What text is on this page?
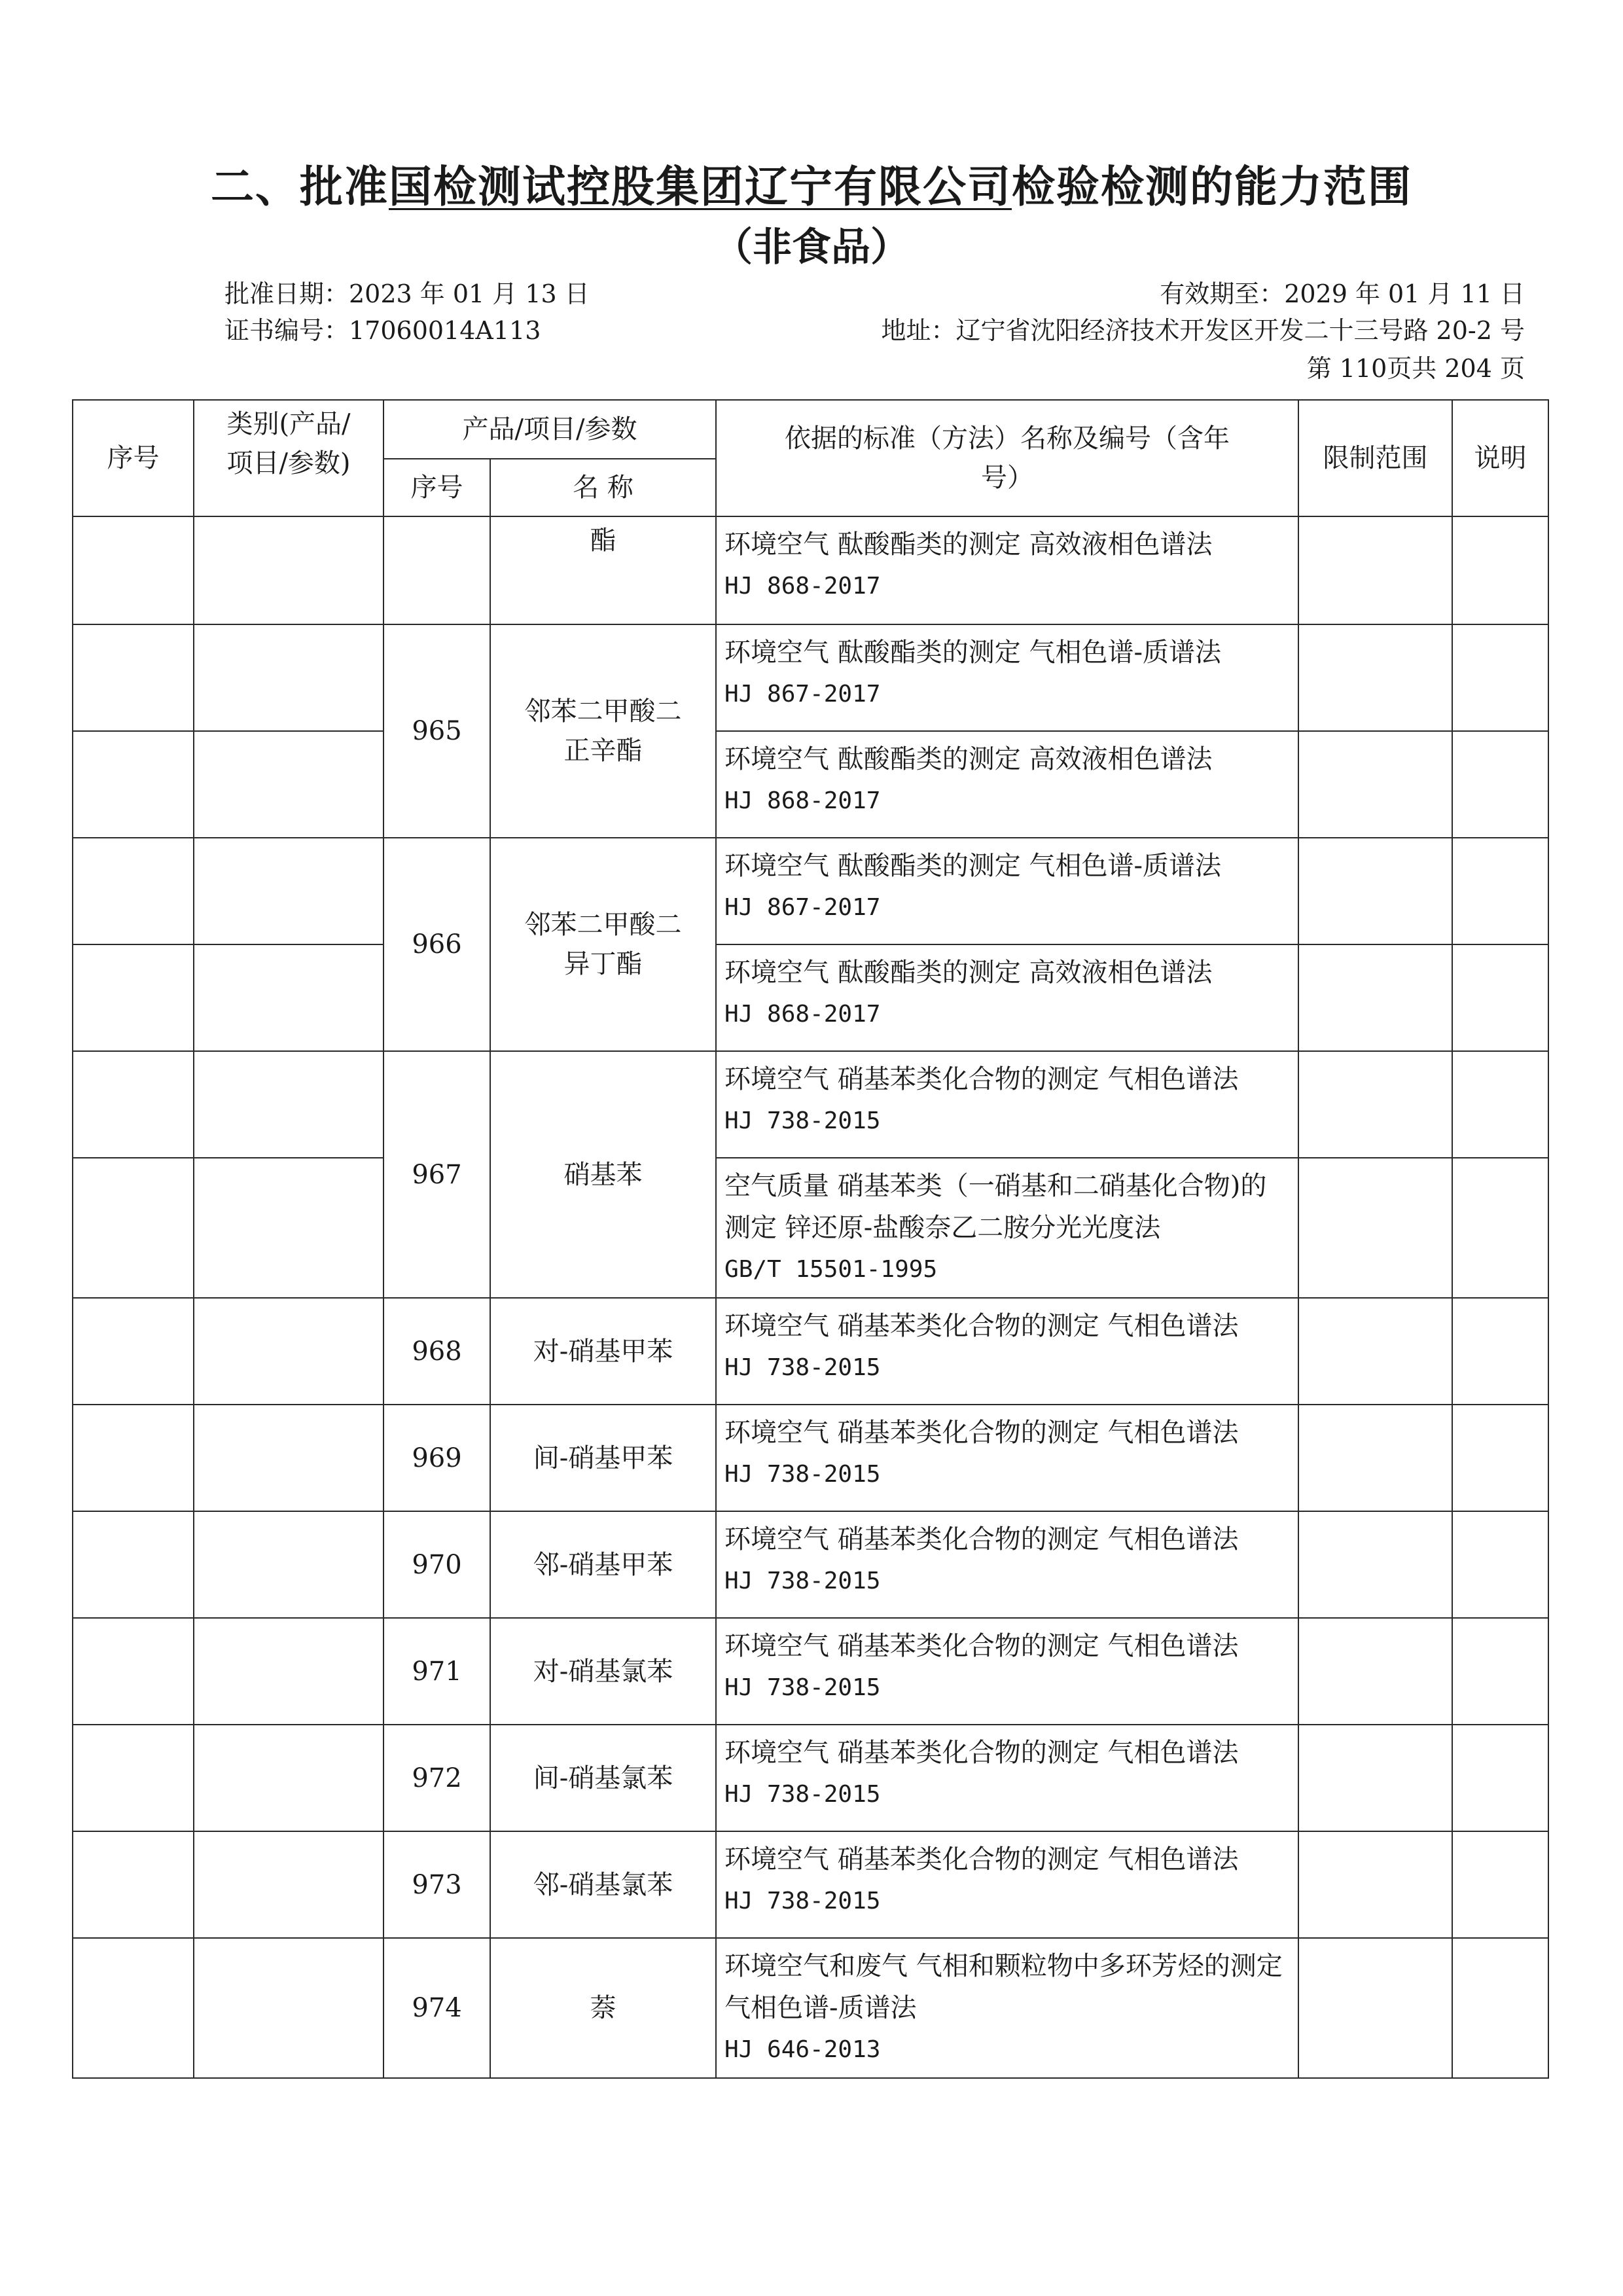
二、批准国检测试控股集团辽宁有限公司检验检测的能力范围
（非食品）
批准日期：2023 年 01 月 13 日	有效期至：2029 年 01 月 11 日
证书编号：17060014A113	地址：辽宁省沈阳经济技术开发区开发二十三号路 20-2 号
第 110页共 204 页
序号	类别(产品/项目/参数)	产品/项目/参数		依据的标准（方法）名称及编号（含年号）	限制范围	说明
		序号	名 称			
			酯	环境空气 酞酸酯类的测定 高效液相色谱法
HJ 868-2017		

		965	邻苯二甲酸二正辛酯	环境空气 酞酸酯类的测定 气相色谱-质谱法
HJ 867-2017		

				环境空气 酞酸酯类的测定 高效液相色谱法
HJ 868-2017		

		966	邻苯二甲酸二异丁酯	环境空气 酞酸酯类的测定 气相色谱-质谱法
HJ 867-2017		

				环境空气 酞酸酯类的测定 高效液相色谱法
HJ 868-2017		

		967	硝基苯	环境空气 硝基苯类化合物的测定 气相色谱法
HJ 738-2015		

				空气质量 硝基苯类（一硝基和二硝基化合物)的测定 锌还原-盐酸奈乙二胺分光光度法
GB/T 15501-1995		

		968	对-硝基甲苯	环境空气 硝基苯类化合物的测定 气相色谱法
HJ 738-2015		

		969	间-硝基甲苯	环境空气 硝基苯类化合物的测定 气相色谱法
HJ 738-2015		

		970	邻-硝基甲苯	环境空气 硝基苯类化合物的测定 气相色谱法
HJ 738-2015		

		971	对-硝基氯苯	环境空气 硝基苯类化合物的测定 气相色谱法
HJ 738-2015		

		972	间-硝基氯苯	环境空气 硝基苯类化合物的测定 气相色谱法
HJ 738-2015		

		973	邻-硝基氯苯	环境空气 硝基苯类化合物的测定 气相色谱法
HJ 738-2015		

		974	萘	环境空气和废气 气相和颗粒物中多环芳烃的测定 气相色谱-质谱法
HJ 646-2013		
